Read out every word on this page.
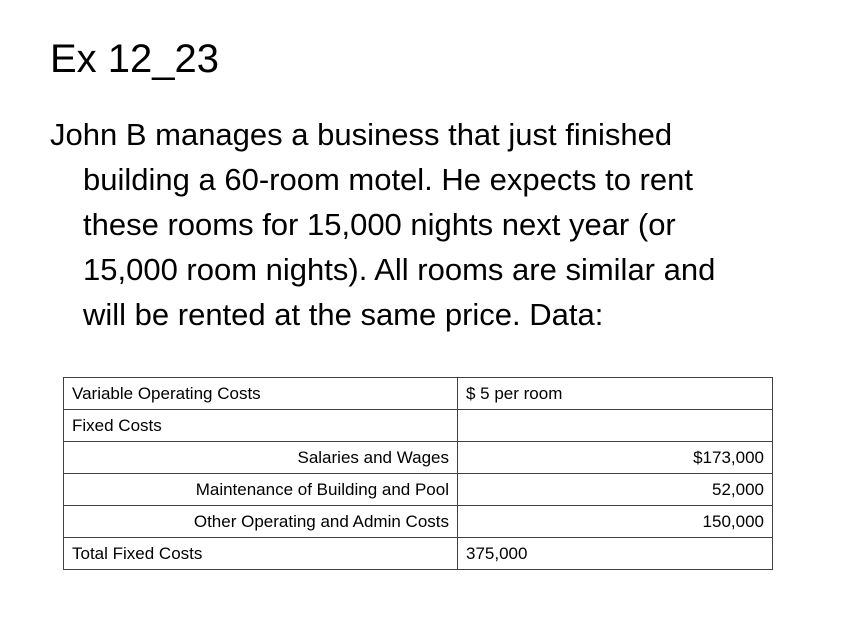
Ex 12_23
John B manages a business that just finished
building a 60-room motel. He expects to rent
these rooms for 15,000 nights next year (or
15,000 room nights). All rooms are similar and
will be rented at the same price. Data:
Variable Operating Costs	$ 5 per room
Fixed Costs	
Salaries and Wages	$173,000
Maintenance of Building and Pool	52,000
Other Operating and Admin Costs	150,000
Total Fixed Costs	375,000
